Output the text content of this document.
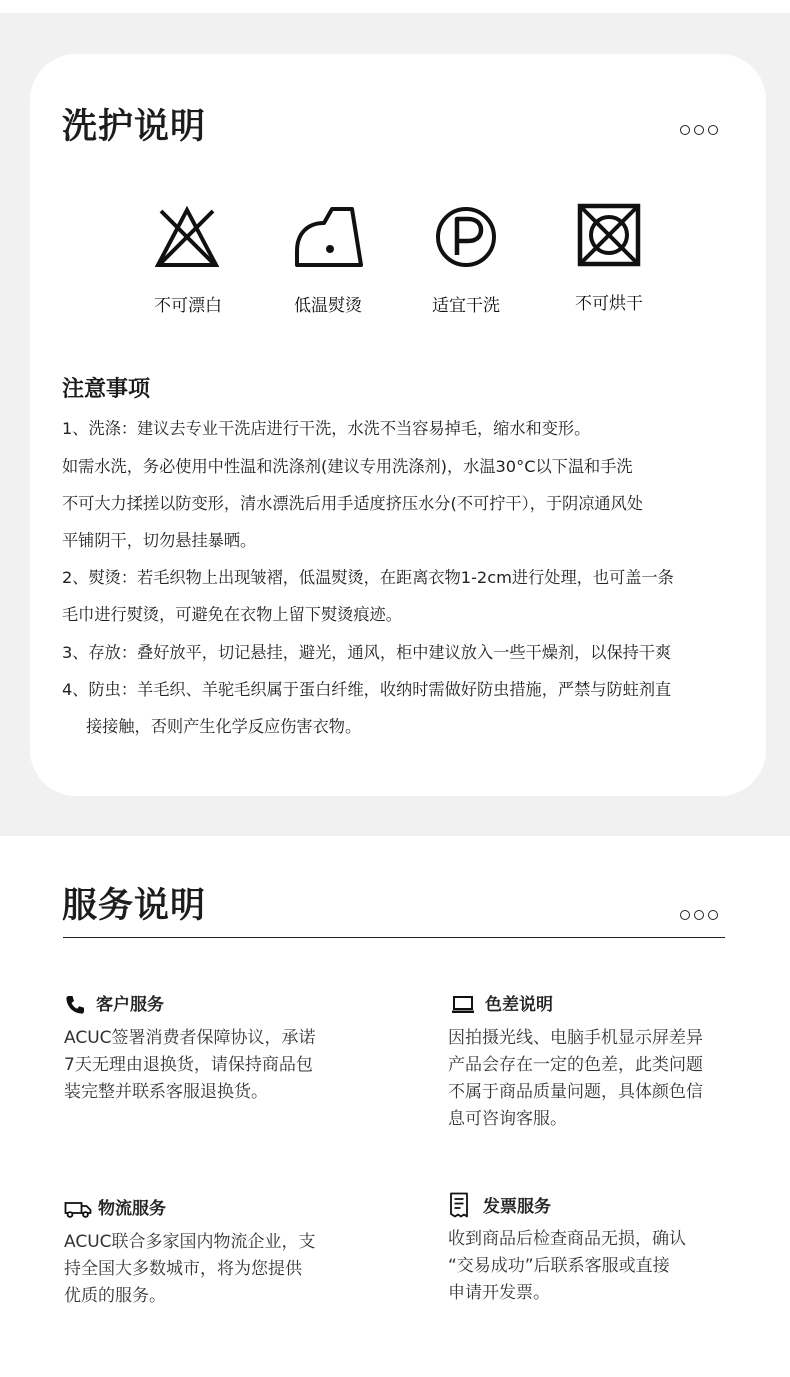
洗护说明
不可漂白	低温熨烫	适宜干洗	不可烘干
注意事项
1、洗涤：建议去专业干洗店进行干洗，水洗不当容易掉毛，缩水和变形。
如需水洗，务必使用中性温和洗涤剂(建议专用洗涤剂)，水温30°C以下温和手洗
不可大力揉搓以防变形，清水漂洗后用手适度挤压水分(不可拧干），于阴凉通风处
平铺阴干，切勿悬挂暴晒。
2、熨烫：若毛织物上出现皱褶，低温熨烫，在距离衣物1-2cm进行处理，也可盖一条
毛巾进行熨烫，可避免在衣物上留下熨烫痕迹。
3、存放：叠好放平，切记悬挂，避光，通风，柜中建议放入一些干燥剂，以保持干爽
4、防虫：羊毛织、羊驼毛织属于蛋白纤维，收纳时需做好防虫措施，严禁与防蛀剂直
接接触，否则产生化学反应伤害衣物。
服务说明
客户服务
ACUC签署消费者保障协议，承诺
7天无理由退换货，请保持商品包
装完整并联系客服退换货。
色差说明
因拍摄光线、电脑手机显示屏差异
产品会存在一定的色差，此类问题
不属于商品质量问题，具体颜色信
息可咨询客服。
物流服务
ACUC联合多家国内物流企业，支
持全国大多数城市，将为您提供
优质的服务。
发票服务
收到商品后检查商品无损，确认
“交易成功”后联系客服或直接
申请开发票。
